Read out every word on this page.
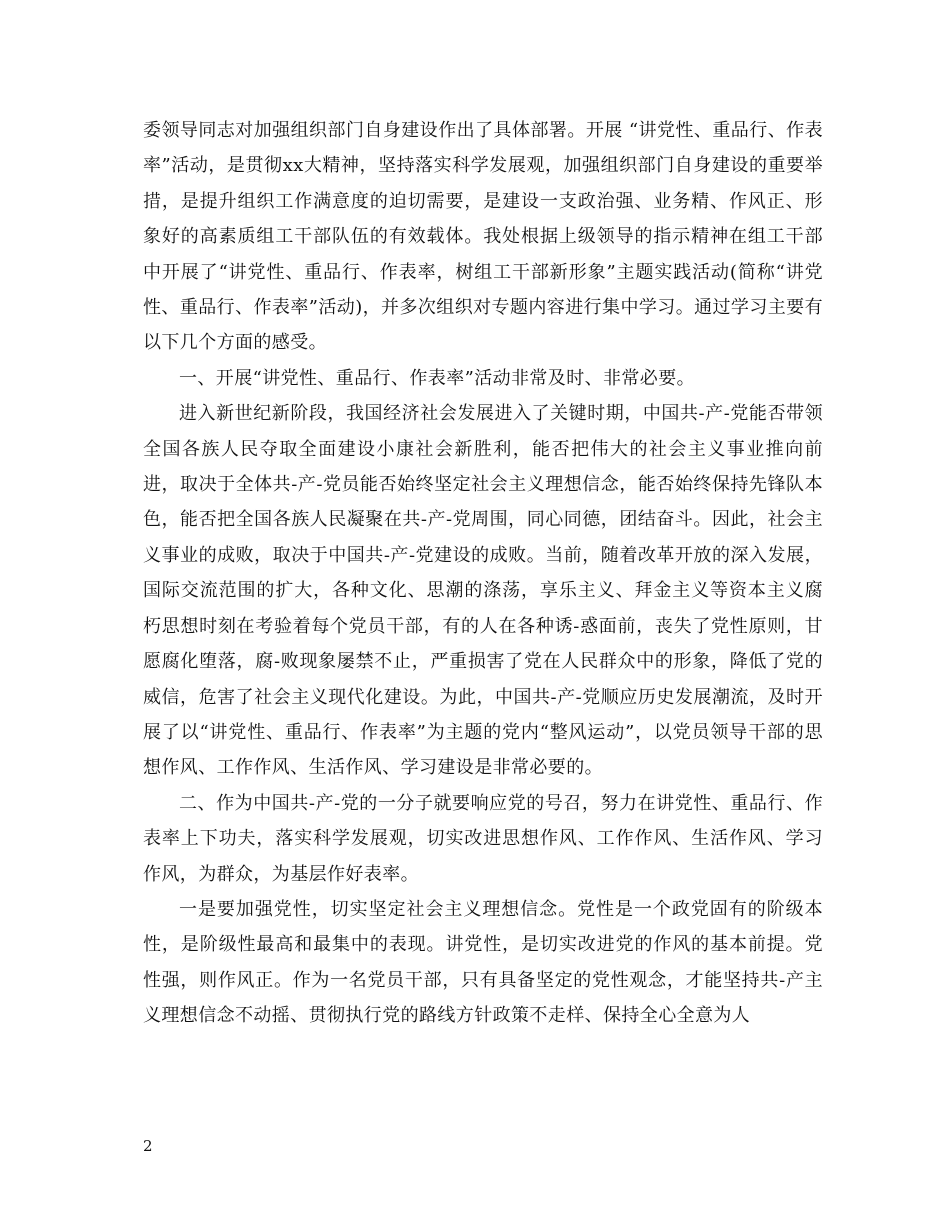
委领导同志对加强组织部门自身建设作出了具体部署。开展 “讲党性、重品行、作表率”活动，是贯彻xx大精神，坚持落实科学发展观，加强组织部门自身建设的重要举措，是提升组织工作满意度的迫切需要，是建设一支政治强、业务精、作风正、形象好的高素质组工干部队伍的有效载体。我处根据上级领导的指示精神在组工干部中开展了“讲党性、重品行、作表率，树组工干部新形象”主题实践活动(简称“讲党性、重品行、作表率”活动)，并多次组织对专题内容进行集中学习。通过学习主要有以下几个方面的感受。

一、开展“讲党性、重品行、作表率”活动非常及时、非常必要。

进入新世纪新阶段，我国经济社会发展进入了关键时期，中国共-产-党能否带领全国各族人民夺取全面建设小康社会新胜利，能否把伟大的社会主义事业推向前进，取决于全体共-产-党员能否始终坚定社会主义理想信念，能否始终保持先锋队本色，能否把全国各族人民凝聚在共-产-党周围，同心同德，团结奋斗。因此，社会主义事业的成败，取决于中国共-产-党建设的成败。当前，随着改革开放的深入发展，国际交流范围的扩大，各种文化、思潮的涤荡，享乐主义、拜金主义等资本主义腐朽思想时刻在考验着每个党员干部，有的人在各种诱-惑面前，丧失了党性原则，甘愿腐化堕落，腐-败现象屡禁不止，严重损害了党在人民群众中的形象，降低了党的威信，危害了社会主义现代化建设。为此，中国共-产-党顺应历史发展潮流，及时开展了以“讲党性、重品行、作表率”为主题的党内“整风运动”，以党员领导干部的思想作风、工作作风、生活作风、学习建设是非常必要的。

二、作为中国共-产-党的一分子就要响应党的号召，努力在讲党性、重品行、作表率上下功夫，落实科学发展观，切实改进思想作风、工作作风、生活作风、学习作风，为群众，为基层作好表率。

一是要加强党性，切实坚定社会主义理想信念。党性是一个政党固有的阶级本性，是阶级性最高和最集中的表现。讲党性，是切实改进党的作风的基本前提。党性强，则作风正。作为一名党员干部，只有具备坚定的党性观念，才能坚持共-产主义理想信念不动摇、贯彻执行党的路线方针政策不走样、保持全心全意为人

2
